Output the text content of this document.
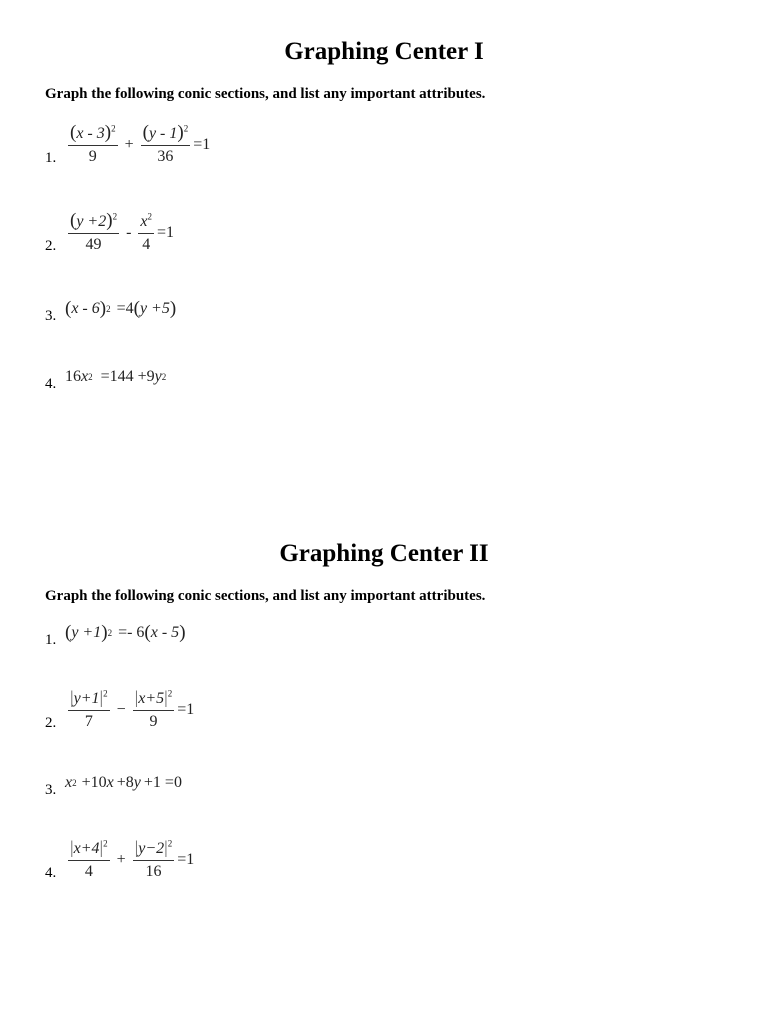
Graphing Center I
Graph the following conic sections, and list any important attributes.
1. $\frac{(x - 3)^2}{9} + \frac{(y - 1)^2}{36} =1$
2. $\frac{(y +2)^2}{49} - \frac{x^2}{4} =1$
3. ( x - 6 ) 2 =4 ( y +5 )
4. 16 x 2 =144 +9 y 2
Graphing Center II
Graph the following conic sections, and list any important attributes.
1. ( y +1 ) 2 =- 6 ( x - 5 )
2. $\frac{|y+1|^2}{7} - \frac{|x+5|^2}{9} =1$
3. x 2 +10 x +8 y +1 =0
4. $\frac{|x+4|^2}{4} + \frac{|y-2|^2}{16} =1$
